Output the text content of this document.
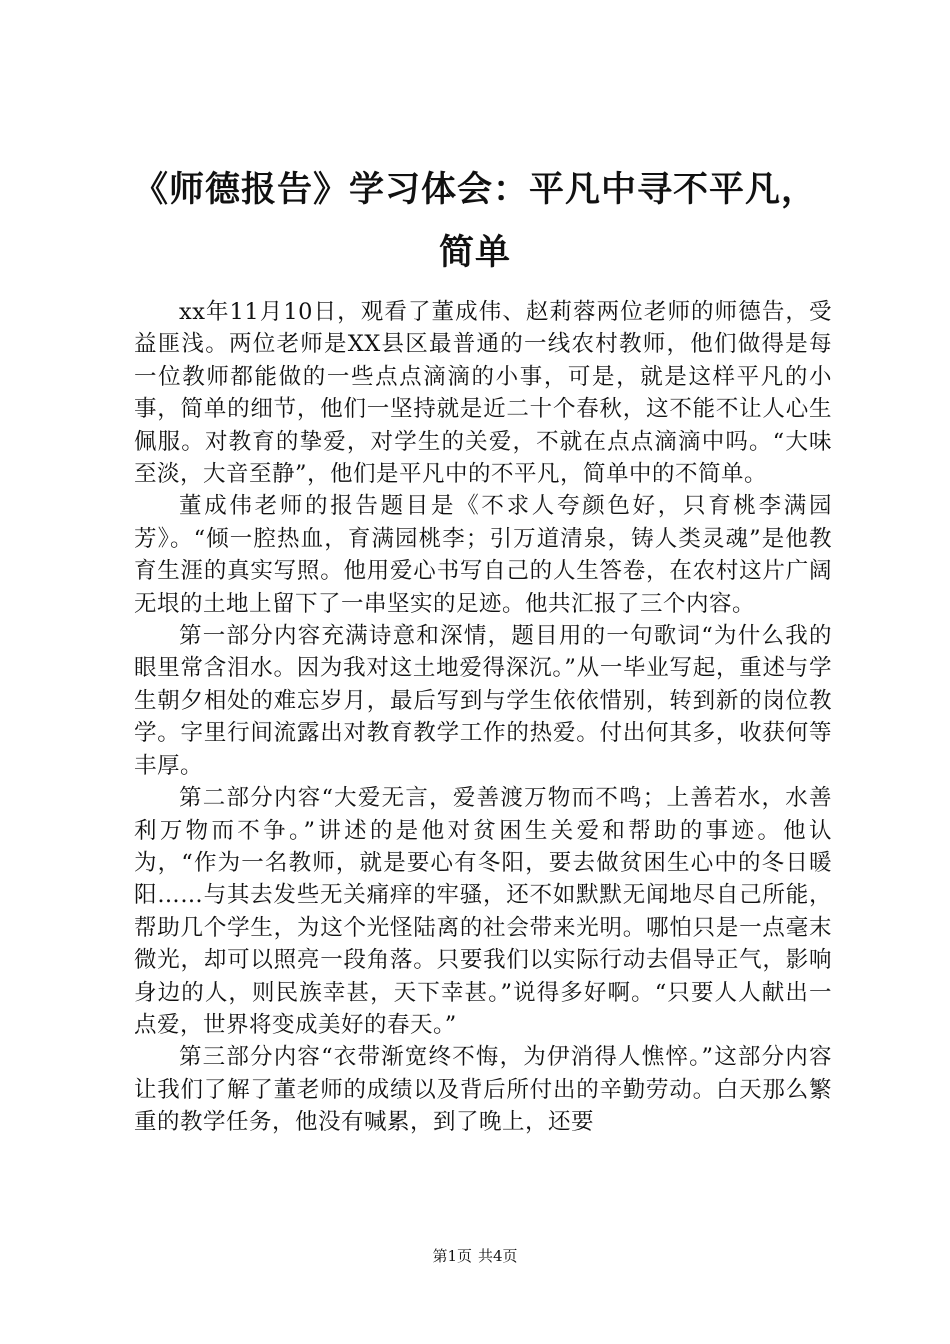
《师德报告》学习体会：平凡中寻不平凡，简单

xx年11月10日，观看了董成伟、赵莉蓉两位老师的师德告，受益匪浅。两位老师是XX县区最普通的一线农村教师，他们做得是每一位教师都能做的一些点点滴滴的小事，可是，就是这样平凡的小事，简单的细节，他们一坚持就是近二十个春秋，这不能不让人心生佩服。对教育的挚爱，对学生的关爱，不就在点点滴滴中吗。“大味至淡，大音至静”，他们是平凡中的不平凡，简单中的不简单。

董成伟老师的报告题目是《不求人夸颜色好，只育桃李满园芳》。“倾一腔热血，育满园桃李；引万道清泉，铸人类灵魂”是他教育生涯的真实写照。他用爱心书写自己的人生答卷，在农村这片广阔无垠的土地上留下了一串坚实的足迹。他共汇报了三个内容。

第一部分内容充满诗意和深情，题目用的一句歌词“为什么我的眼里常含泪水。因为我对这土地爱得深沉。”从一毕业写起，重述与学生朝夕相处的难忘岁月，最后写到与学生依依惜别，转到新的岗位教学。字里行间流露出对教育教学工作的热爱。付出何其多，收获何等丰厚。

第二部分内容“大爱无言，爱善渡万物而不鸣；上善若水，水善利万物而不争。”讲述的是他对贫困生关爱和帮助的事迹。他认为，“作为一名教师，就是要心有冬阳，要去做贫困生心中的冬日暖阳……与其去发些无关痛痒的牢骚，还不如默默无闻地尽自己所能，帮助几个学生，为这个光怪陆离的社会带来光明。哪怕只是一点毫末微光，却可以照亮一段角落。只要我们以实际行动去倡导正气，影响身边的人，则民族幸甚，天下幸甚。”说得多好啊。“只要人人献出一点爱，世界将变成美好的春天。”

第三部分内容“衣带渐宽终不悔，为伊消得人憔悴。”这部分内容让我们了解了董老师的成绩以及背后所付出的辛勤劳动。白天那么繁重的教学任务，他没有喊累，到了晚上，还要

第1页 共4页
